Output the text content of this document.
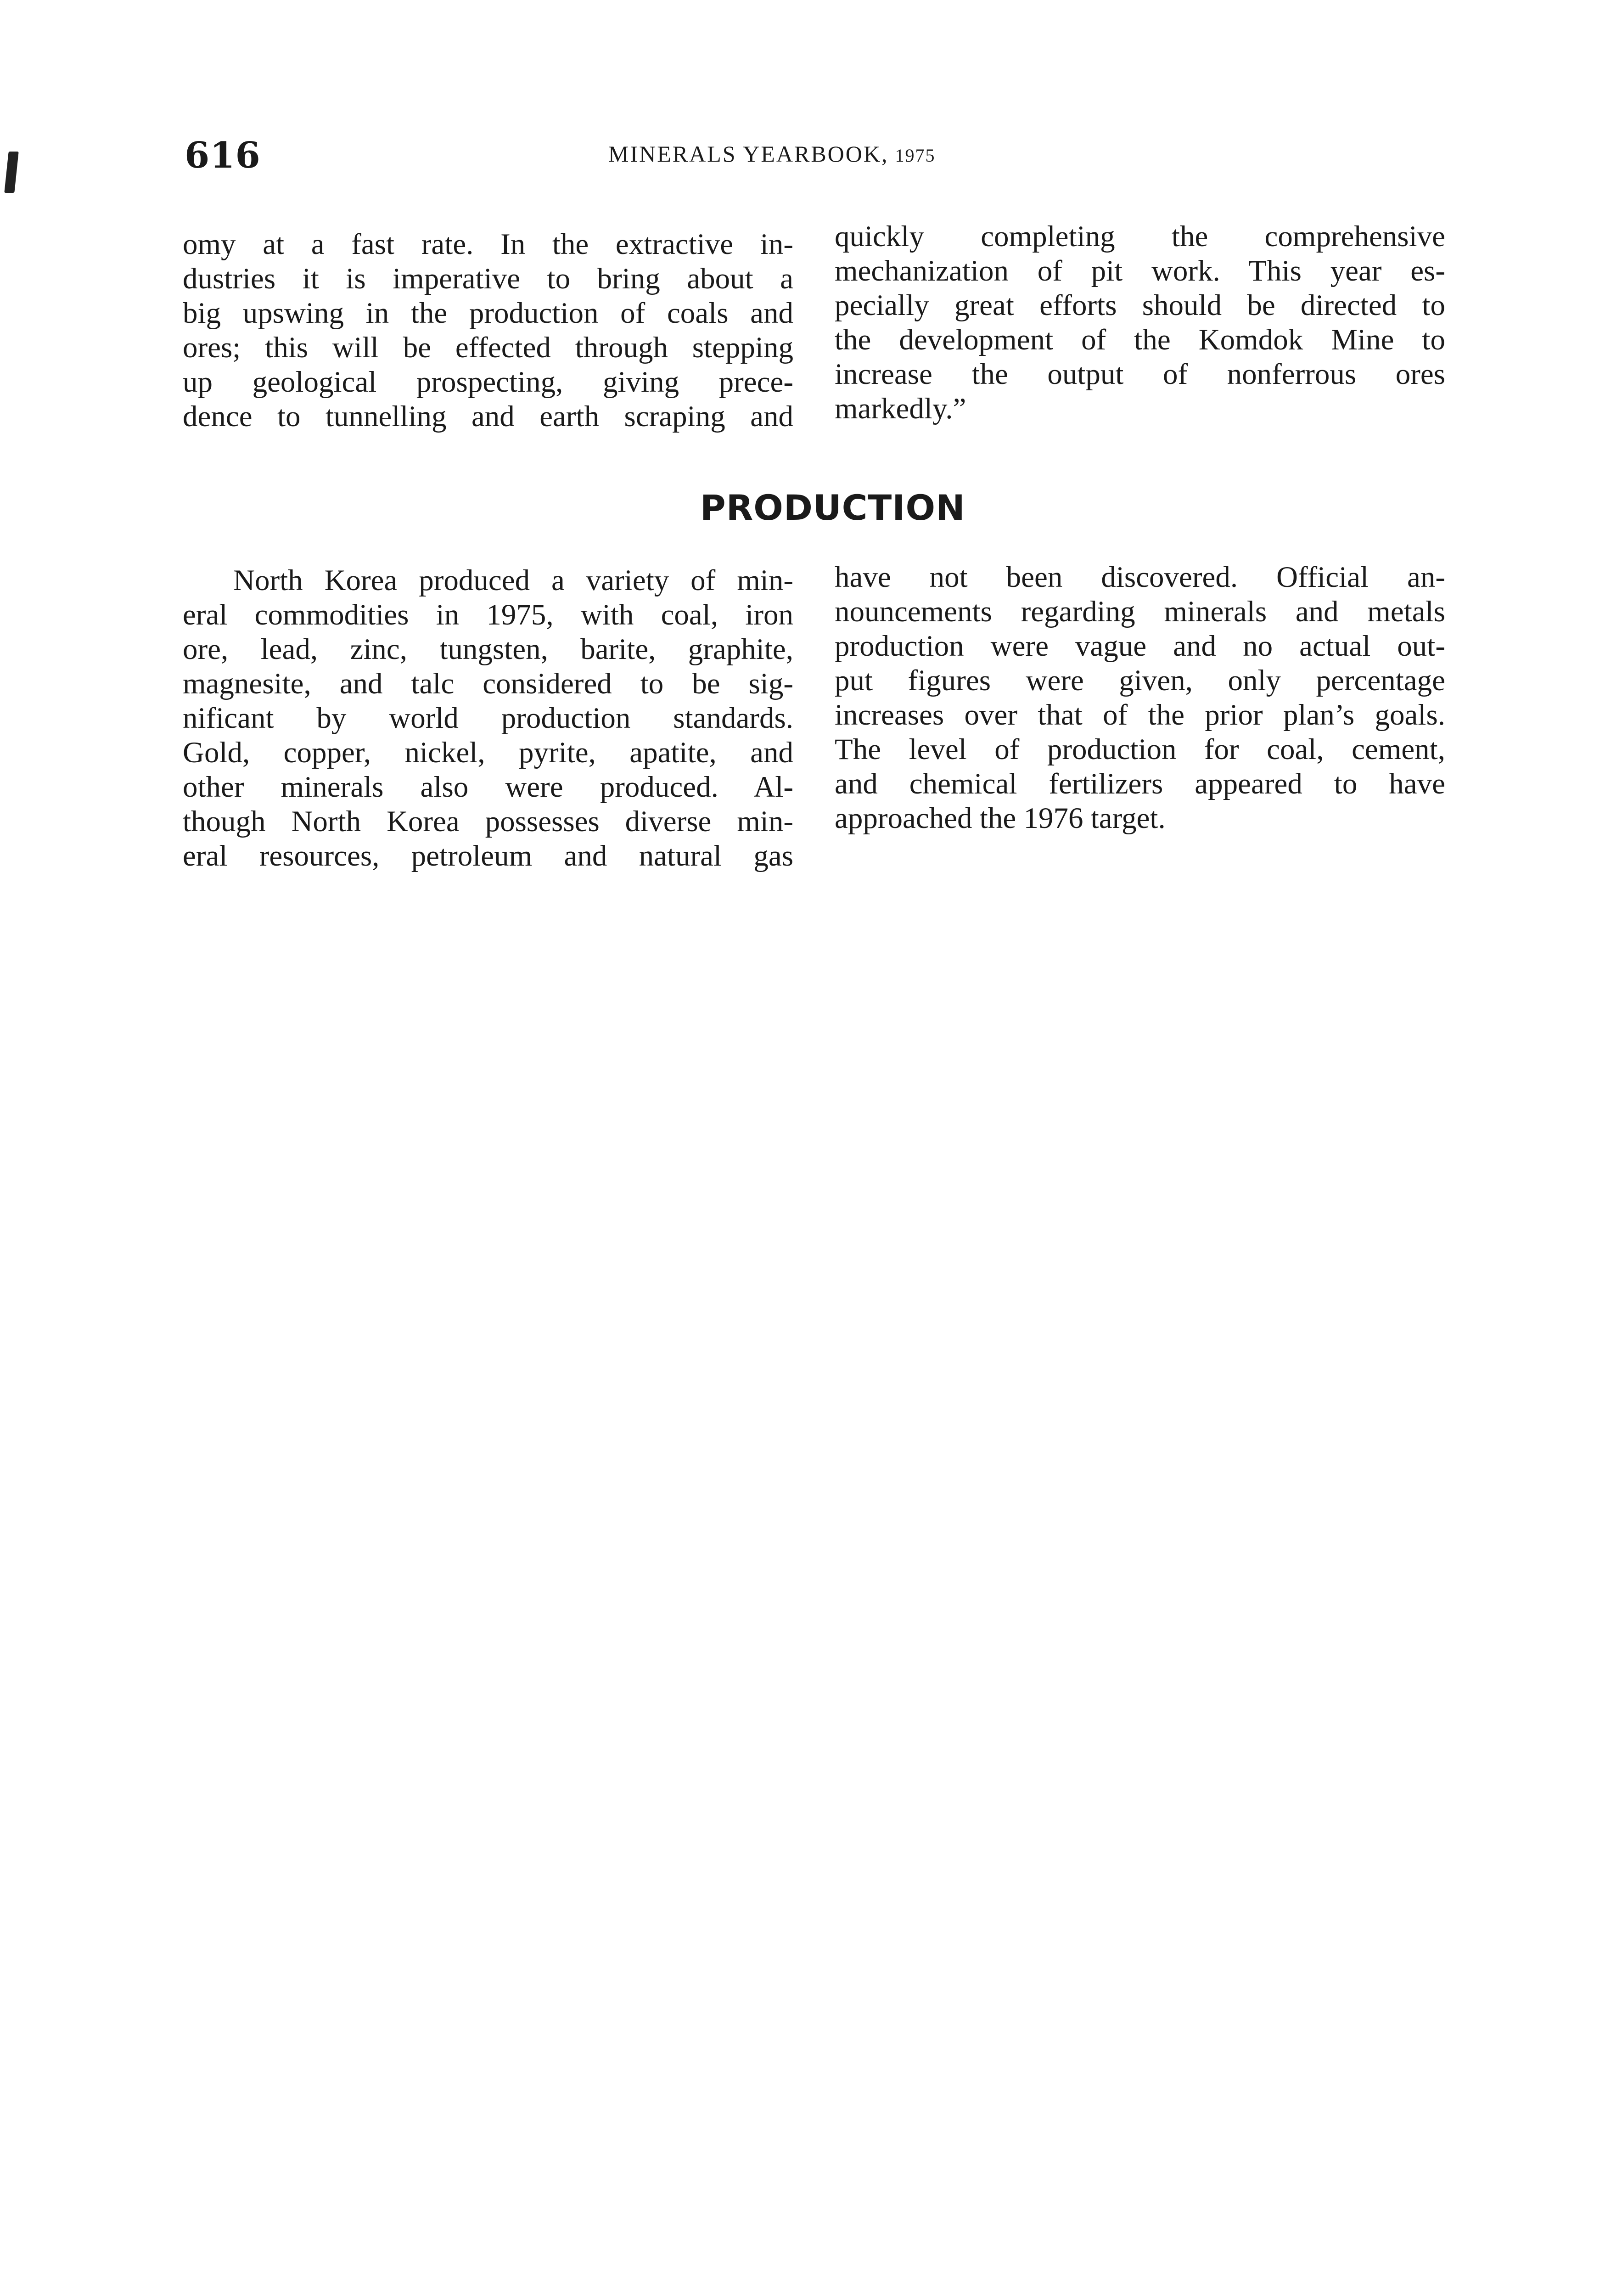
616	MINERALS YEARBOOK, 1975
omy at a fast rate. In the extractive in-
dustries it is imperative to bring about a
big upswing in the production of coals and
ores; this will be effected through stepping
up geological prospecting, giving prece-
dence to tunnelling and earth scraping and
quickly completing the comprehensive
mechanization of pit work. This year es-
pecially great efforts should be directed to
the development of the Komdok Mine to
increase the output of nonferrous ores
markedly.”
PRODUCTION
North Korea produced a variety of min-
eral commodities in 1975, with coal, iron
ore, lead, zinc, tungsten, barite, graphite,
magnesite, and talc considered to be sig-
nificant by world production standards.
Gold, copper, nickel, pyrite, apatite, and
other minerals also were produced. Al-
though North Korea possesses diverse min-
eral resources, petroleum and natural gas
have not been discovered. Official an-
nouncements regarding minerals and metals
production were vague and no actual out-
put figures were given, only percentage
increases over that of the prior plan’s goals.
The level of production for coal, cement,
and chemical fertilizers appeared to have
approached the 1976 target.
